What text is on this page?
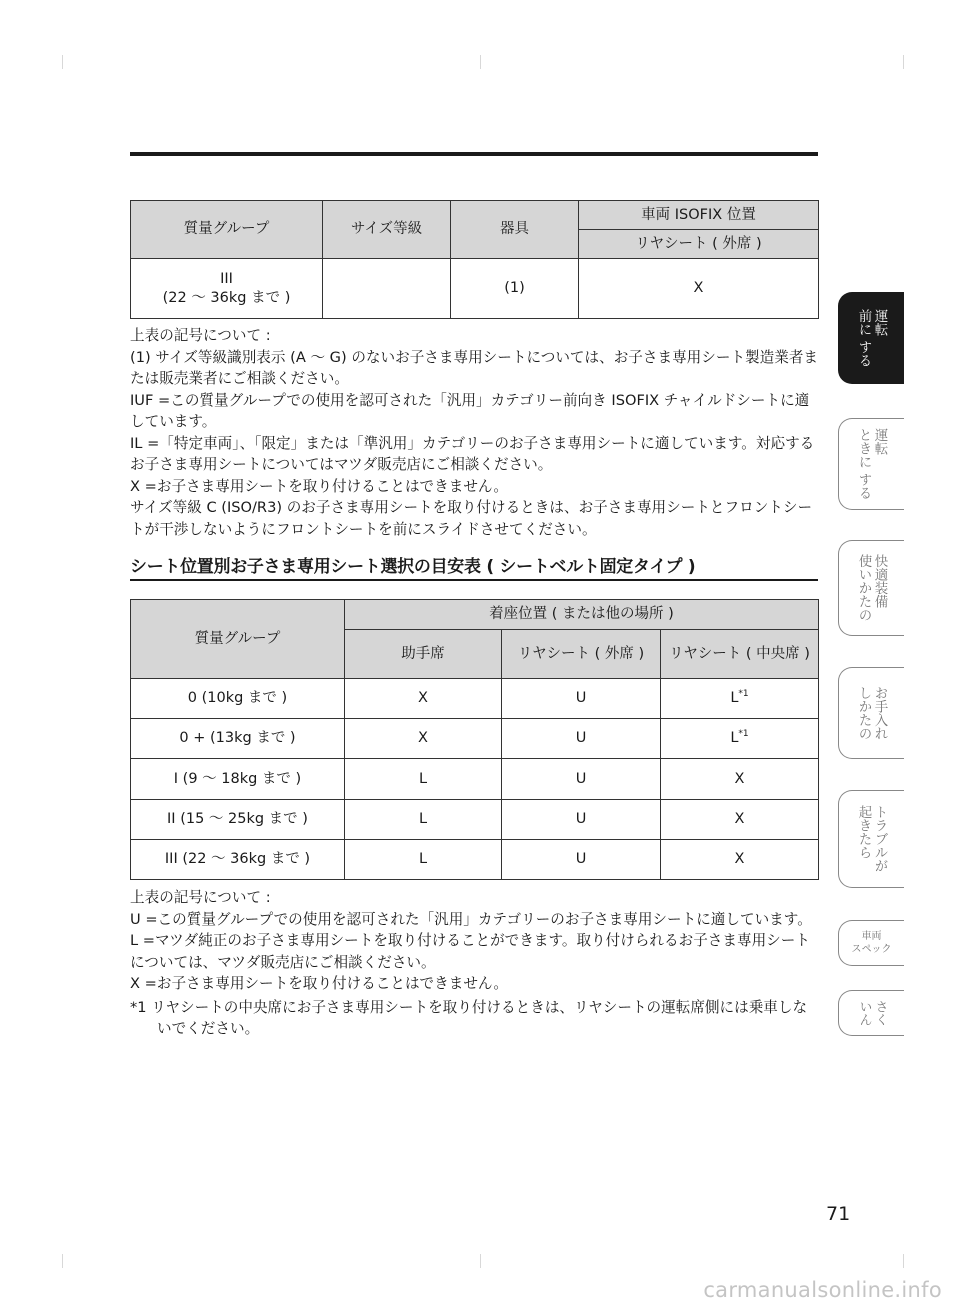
質量グループ	サイズ等級	器具	車両 ISOFIX 位置
			リヤシート ( 外席 )

III
(22 〜 36kg まで )		(1)	X

上表の記号について :

(1) サイズ等級識別表示 (A 〜 G) のないお子さま専用シートについては、お子さま専用シート製造業者または販売業者にご相談ください。

IUF =この質量グループでの使用を認可された「汎用」カテゴリー前向き ISOFIX チャイルドシートに適しています。

IL =「特定車両」、「限定」または「準汎用」カテゴリーのお子さま専用シートに適しています。対応するお子さま専用シートについてはマツダ販売店にご相談ください。

X =お子さま専用シートを取り付けることはできません。

サイズ等級 C (ISO/R3) のお子さま専用シートを取り付けるときは、お子さま専用シートとフロントシートが干渉しないようにフロントシートを前にスライドさせてください。

シート位置別お子さま専用シート選択の目安表 ( シートベルト固定タイプ )
質量グループ	着座位置 ( または他の場所 )		
	助手席	リヤシート ( 外席 )	リヤシート ( 中央席 )
0 (10kg まで )	X	U	$L^{*1}$
0 + (13kg まで )	X	U	$L^{*1}$
I (9 〜 18kg まで )	L	U	X
II (15 〜 25kg まで )	L	U	X
III (22 〜 36kg まで )	L	U	X

上表の記号について :

U =この質量グループでの使用を認可された「汎用」カテゴリーのお子さま専用シートに適しています。

L =マツダ純正のお子さま専用シートを取り付けることができます。取り付けられるお子さま専用シートについては、マツダ販売店にご相談ください。

X =お子さま専用シートを取り付けることはできません。

*1 リヤシートの中央席にお子さま専用シートを取り付けるときは、リヤシートの運転席側には乗車しないでください。

運転
前に する
運転
ときに する
快適装備
使いかたの
お手入れ
しかたの
トラブルが
起きたら
車両
スペック
さく
いん
71
carmanualsonline.info
